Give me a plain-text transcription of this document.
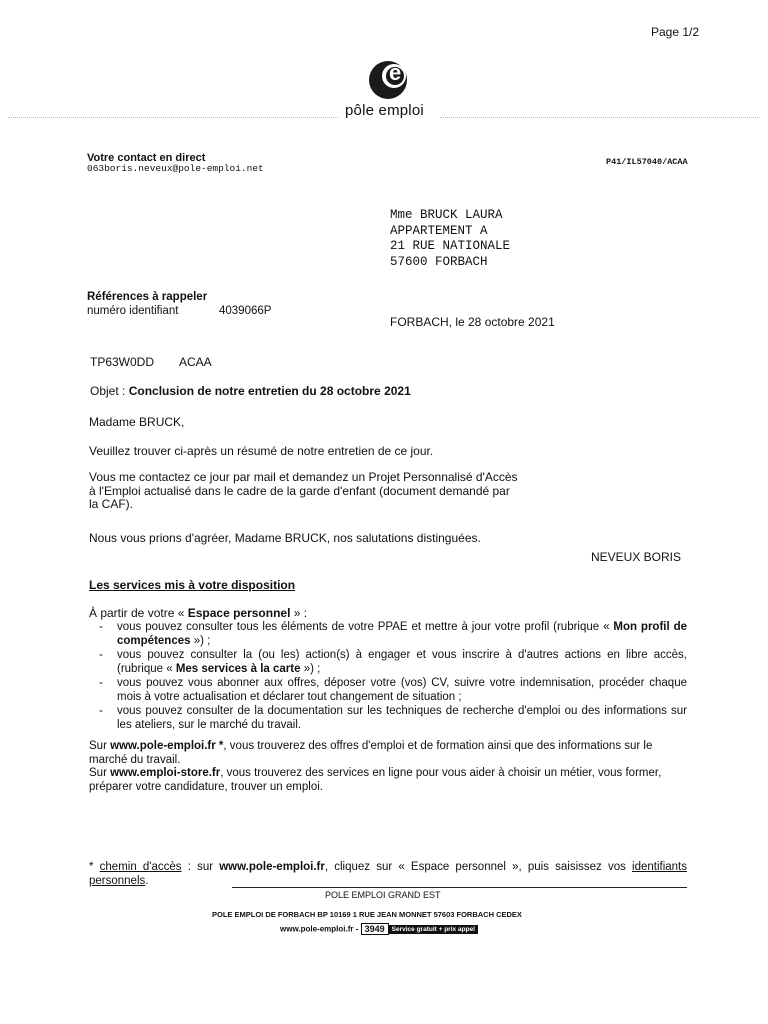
Page 1/2
e
pôle emploi
Votre contact en direct
063boris.neveux@pole-emploi.net
P41/IL57040/ACAA
Mme BRUCK LAURA
APPARTEMENT A
21 RUE NATIONALE
57600 FORBACH
Références à rappeler
numéro identifiant	4039066P
FORBACH, le 28 octobre 2021
TP63W0DD ACAA
Objet : Conclusion de notre entretien du 28 octobre 2021
Madame BRUCK,
Veuillez trouver ci-après un résumé de notre entretien de ce jour.
Vous me contactez ce jour par mail et demandez un Projet Personnalisé d'Accès
à l'Emploi actualisé dans le cadre de la garde d'enfant (document demandé par
la CAF).
Nous vous prions d'agréer, Madame BRUCK, nos salutations distinguées.
NEVEUX BORIS
Les services mis à votre disposition
À partir de votre « Espace personnel » :
- vous pouvez consulter tous les éléments de votre PPAE et mettre à jour votre profil (rubrique « Mon profil de compétences ») ;
- vous pouvez consulter la (ou les) action(s) à engager et vous inscrire à d'autres actions en libre accès, (rubrique « Mes services à la carte ») ;
- vous pouvez vous abonner aux offres, déposer votre (vos) CV, suivre votre indemnisation, procéder chaque mois à votre actualisation et déclarer tout changement de situation ;
- vous pouvez consulter de la documentation sur les techniques de recherche d'emploi ou des informations sur les ateliers, sur le marché du travail.

Sur www.pole-emploi.fr *, vous trouverez des offres d'emploi et de formation ainsi que des informations sur le marché du travail.

Sur www.emploi-store.fr, vous trouverez des services en ligne pour vous aider à choisir un métier, vous former, préparer votre candidature, trouver un emploi.

* chemin d'accès : sur www.pole-emploi.fr, cliquez sur « Espace personnel », puis saisissez vos identifiants personnels.
POLE EMPLOI GRAND EST
POLE EMPLOI DE FORBACH BP 10169 1 RUE JEAN MONNET 57603 FORBACH CEDEX
www.pole-emploi.fr - 3949 Service gratuit + prix appel
